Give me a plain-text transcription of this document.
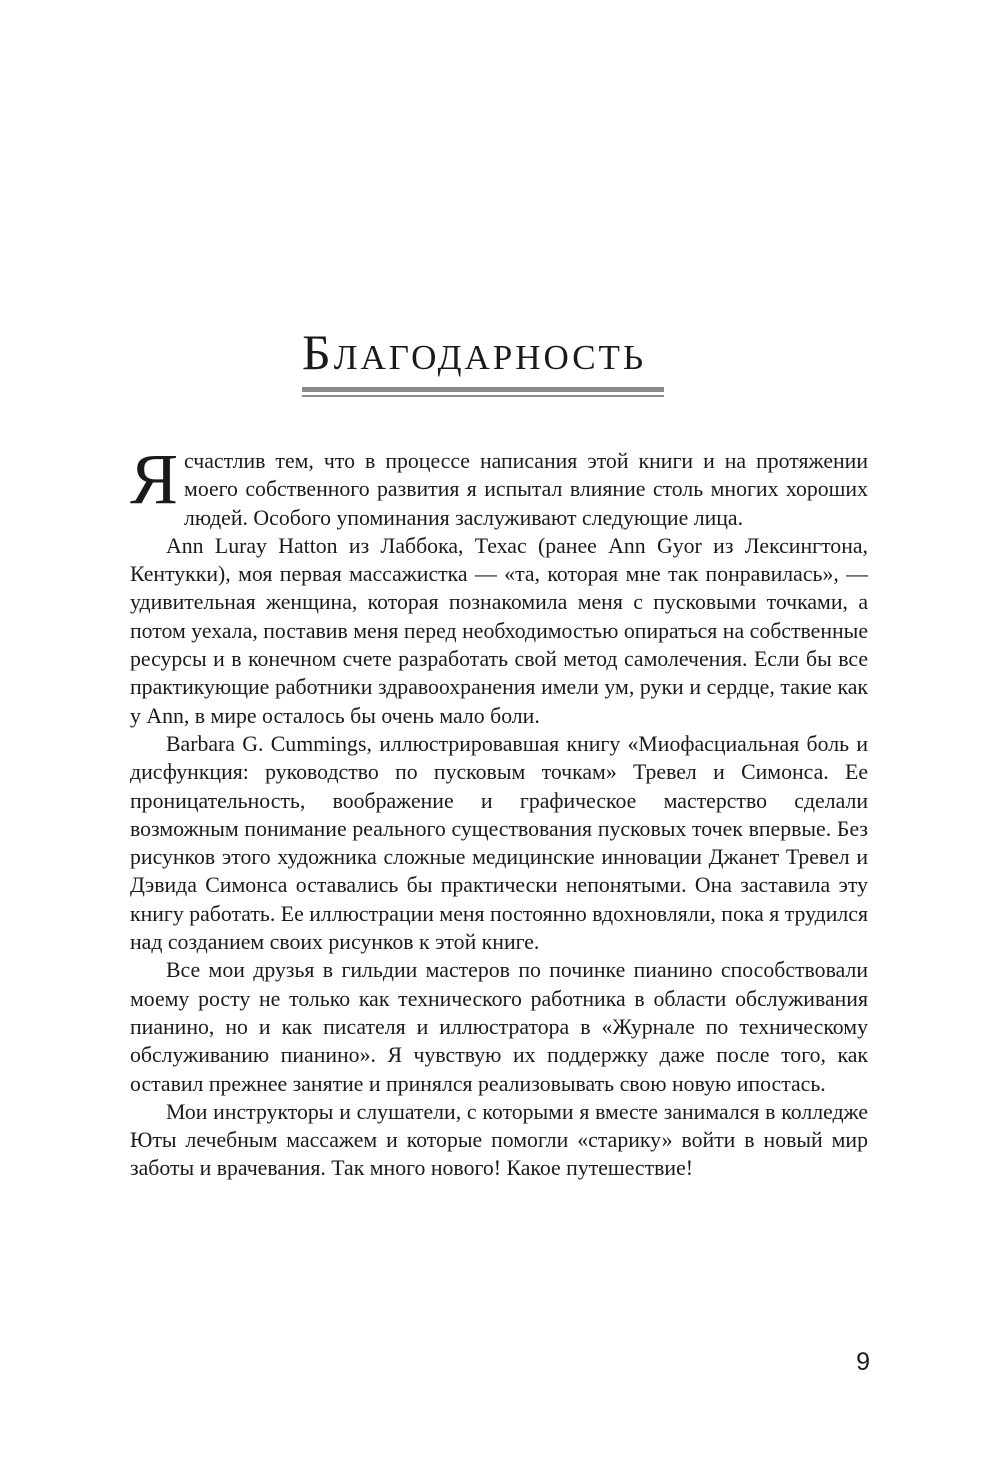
Благодарность

Я счастлив тем, что в процессе написания этой книги и на протяжении моего собственного развития я испытал влияние столь многих хороших людей. Особого упоминания заслуживают следующие лица.

Ann Luray Hatton из Лаббока, Техас (ранее Ann Gyor из Лексингтона, Кентукки), моя первая массажистка — «та, которая мне так понравилась», — удивительная женщина, которая познакомила меня с пусковыми точками, а потом уехала, поставив меня перед необходимостью опираться на собственные ресурсы и в конечном счете разработать свой метод самолечения. Если бы все практикующие работники здравоохранения имели ум, руки и сердце, такие как у Ann, в мире осталось бы очень мало боли.

Barbara G. Cummings, иллюстрировавшая книгу «Миофасциальная боль и дисфункция: руководство по пусковым точкам» Тревел и Симонса. Ее проницательность, воображение и графическое мастерство сделали возможным понимание реального существования пусковых точек впервые. Без рисунков этого художника сложные медицинские инновации Джанет Тревел и Дэвида Симонса оставались бы практически непонятыми. Она заставила эту книгу работать. Ее иллюстрации меня постоянно вдохновляли, пока я трудился над созданием своих рисунков к этой книге.

Все мои друзья в гильдии мастеров по починке пианино способствовали моему росту не только как технического работника в области обслуживания пианино, но и как писателя и иллюстратора в «Журнале по техническому обслуживанию пианино». Я чувствую их поддержку даже после того, как оставил прежнее занятие и принялся реализовывать свою новую ипостась.

Мои инструкторы и слушатели, с которыми я вместе занимался в колледже Юты лечебным массажем и которые помогли «старику» войти в новый мир заботы и врачевания. Так много нового! Какое путешествие!

9
